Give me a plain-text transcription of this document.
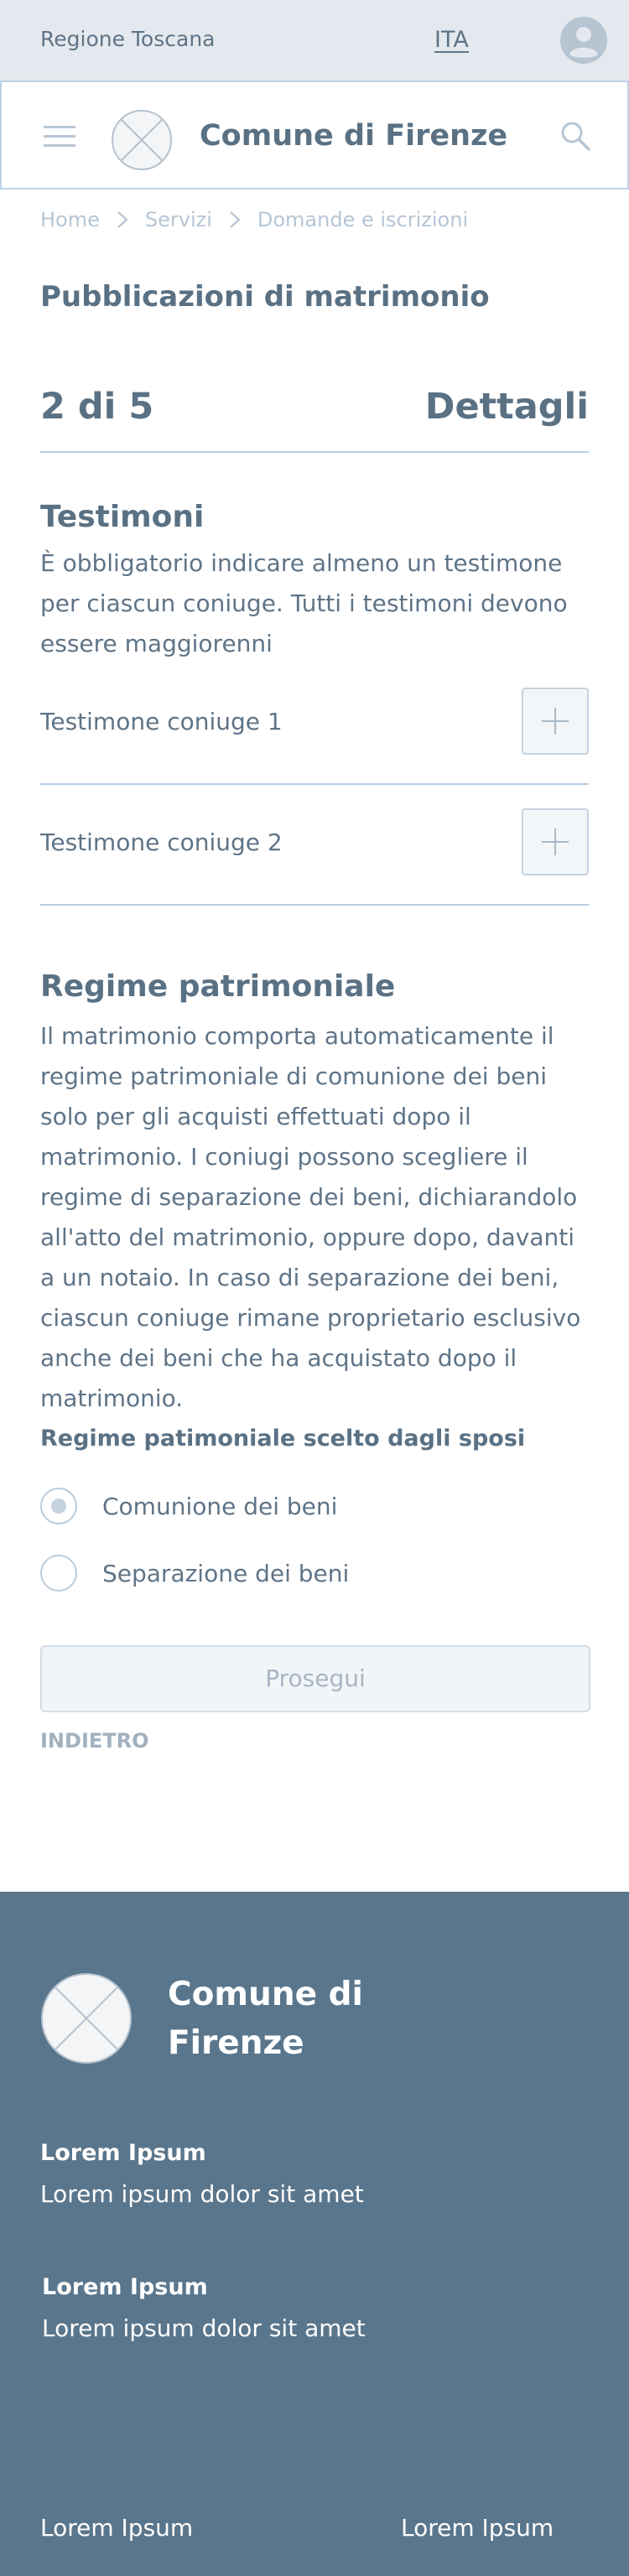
Regione Toscana	ITA
Comune di Firenze
Home Servizi Domande e iscrizioni
Pubblicazioni di matrimonio
2 di 5	Dettagli
Testimoni

È obbligatorio indicare almeno un testimone per ciascun coniuge. Tutti i testimoni devono essere maggiorenni

Testimone coniuge 1
Testimone coniuge 2
Regime patrimoniale

Il matrimonio comporta automaticamente il regime patrimoniale di comunione dei beni solo per gli acquisti effettuati dopo il matrimonio. I coniugi possono scegliere il regime di separazione dei beni, dichiarandolo all'atto del matrimonio, oppure dopo, davanti a un notaio. In caso di separazione dei beni, ciascun coniuge rimane proprietario esclusivo anche dei beni che ha acquistato dopo il matrimonio.

Regime patimoniale scelto dagli sposi
Comunione dei beni
Separazione dei beni
Prosegui
INDIETRO
Comune di Firenze
Lorem Ipsum
Lorem ipsum dolor sit amet
Lorem Ipsum
Lorem ipsum dolor sit amet
Lorem Ipsum	Lorem Ipsum
